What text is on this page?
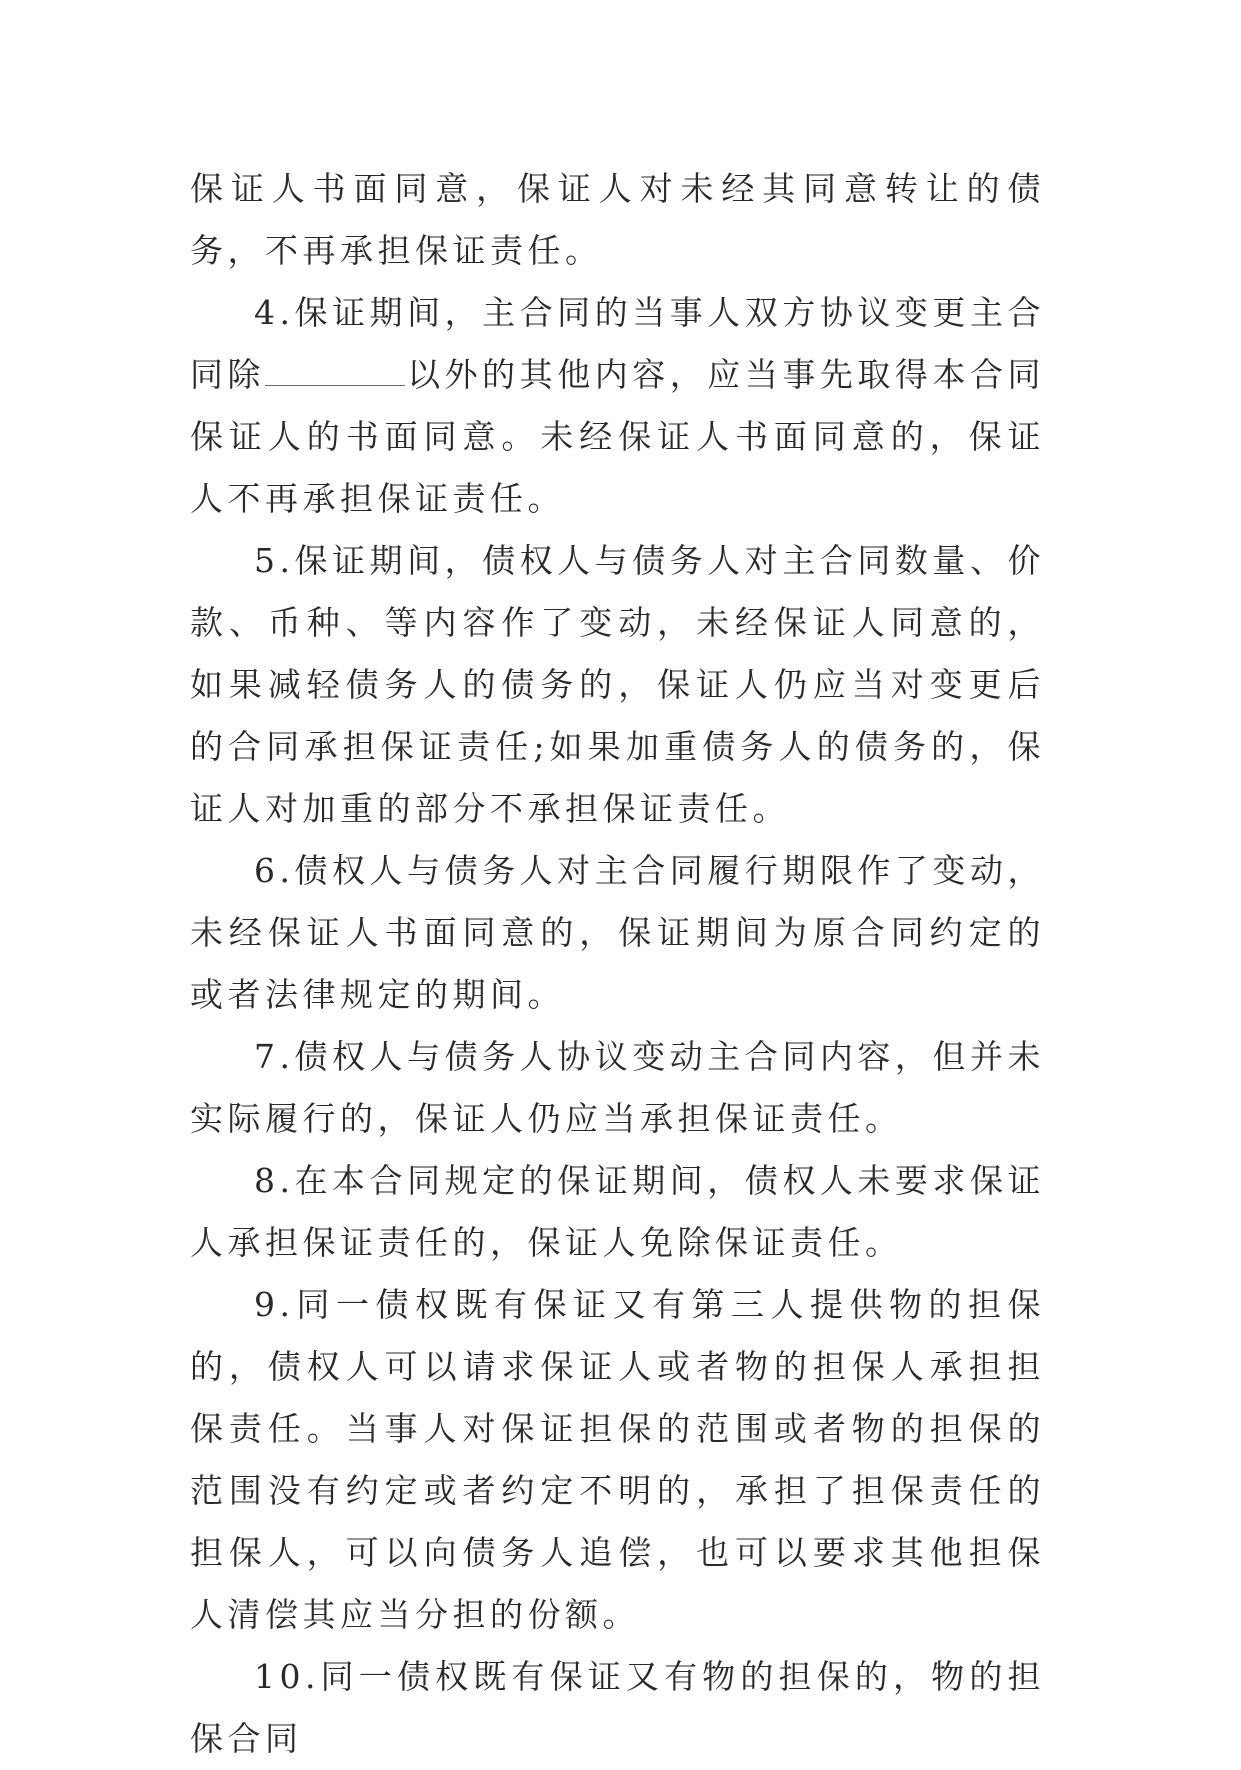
保证人书面同意，保证人对未经其同意转让的债务，不再承担保证责任。

4.保证期间，主合同的当事人双方协议变更主合同除	以外的其他内容，应当事先取得本合同保证人的书面同意。未经保证人书面同意的，保证人不再承担保证责任。

5.保证期间，债权人与债务人对主合同数量、价款、币种、等内容作了变动，未经保证人同意的，如果减轻债务人的债务的，保证人仍应当对变更后的合同承担保证责任;如果加重债务人的债务的，保证人对加重的部分不承担保证责任。

6.债权人与债务人对主合同履行期限作了变动，未经保证人书面同意的，保证期间为原合同约定的或者法律规定的期间。

7.债权人与债务人协议变动主合同内容，但并未实际履行的，保证人仍应当承担保证责任。

8.在本合同规定的保证期间，债权人未要求保证人承担保证责任的，保证人免除保证责任。

9.同一债权既有保证又有第三人提供物的担保的，债权人可以请求保证人或者物的担保人承担担保责任。当事人对保证担保的范围或者物的担保的范围没有约定或者约定不明的，承担了担保责任的担保人，可以向债务人追偿，也可以要求其他担保人清偿其应当分担的份额。

10.同一债权既有保证又有物的担保的，物的担保合同
